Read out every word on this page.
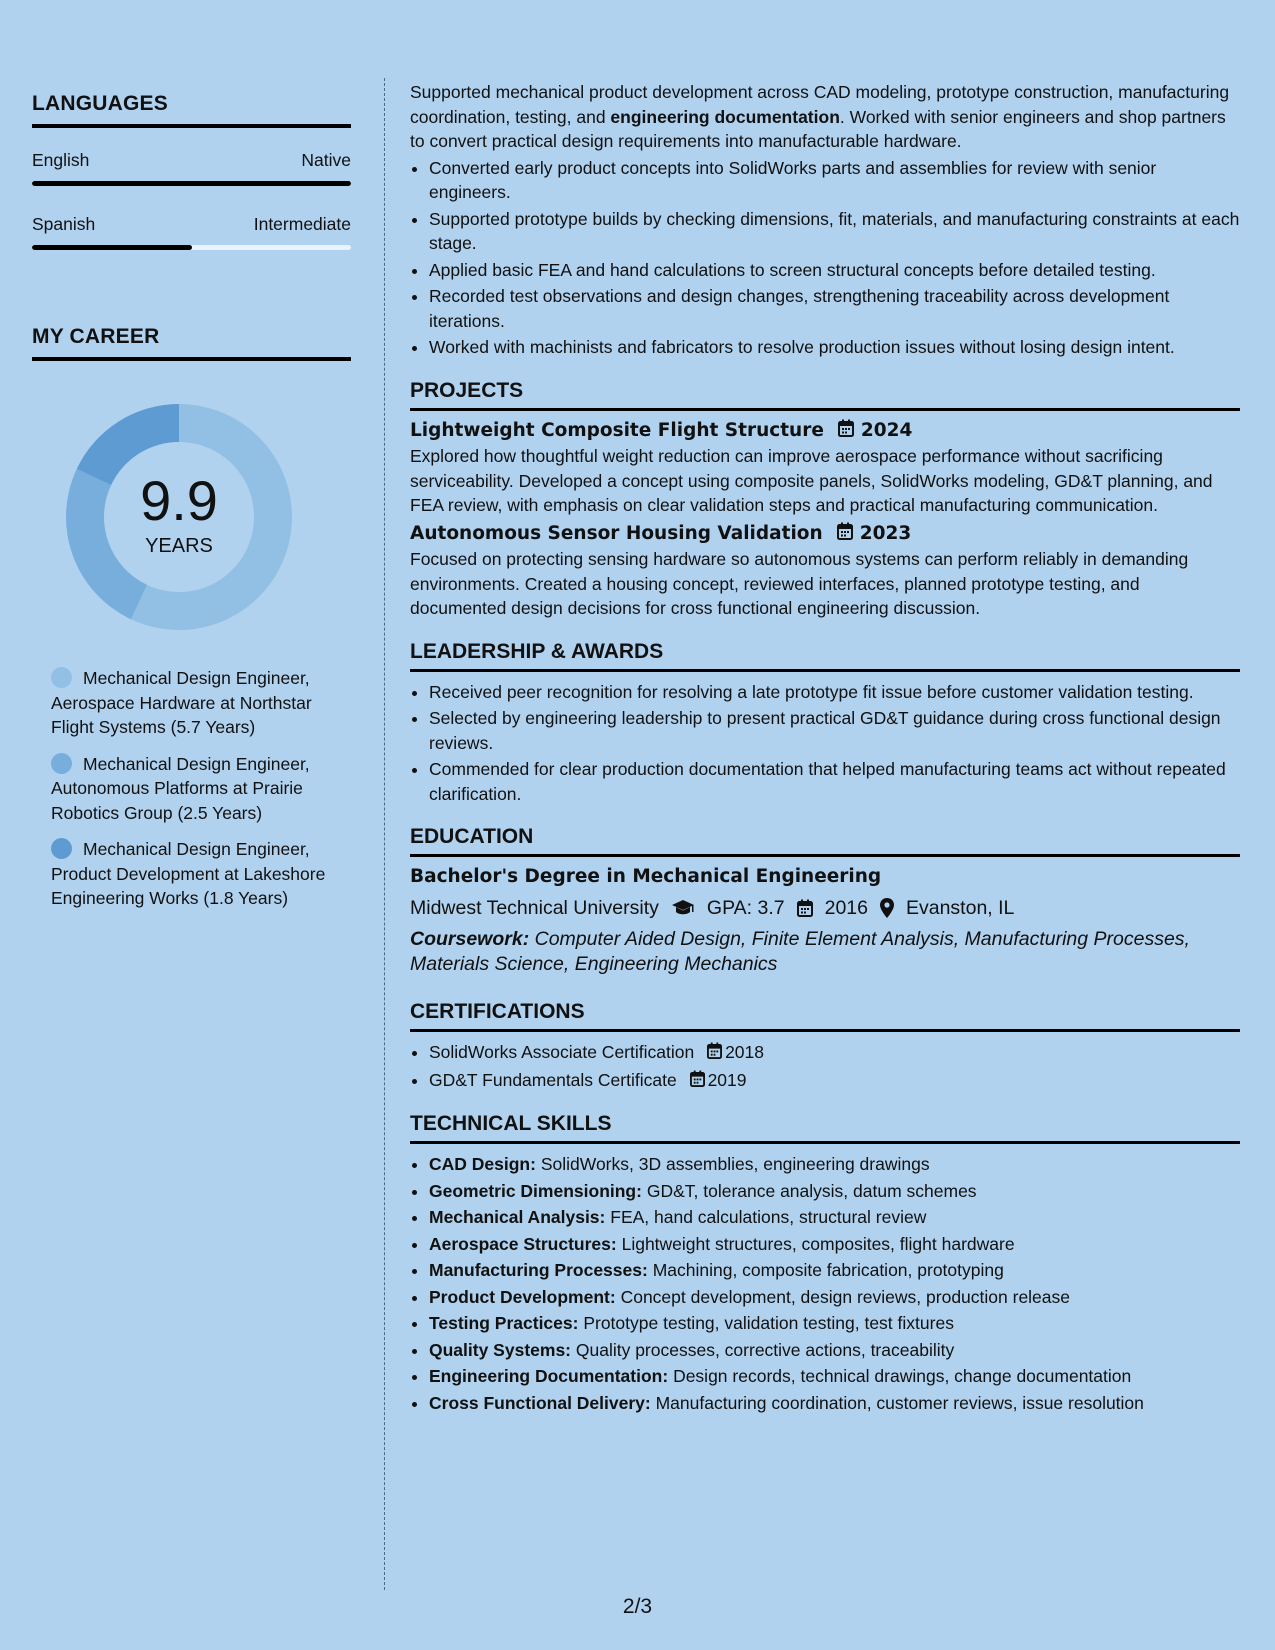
LANGUAGES
English	Native
Spanish	Intermediate
MY CAREER
9.9
YEARS
Mechanical Design Engineer, Aerospace Hardware at Northstar Flight Systems (5.7 Years)
Mechanical Design Engineer, Autonomous Platforms at Prairie Robotics Group (2.5 Years)
Mechanical Design Engineer, Product Development at Lakeshore Engineering Works (1.8 Years)

Supported mechanical product development across CAD modeling, prototype construction, manufacturing coordination, testing, and engineering documentation. Worked with senior engineers and shop partners to convert practical design requirements into manufacturable hardware.

• Converted early product concepts into SolidWorks parts and assemblies for review with senior engineers.
• Supported prototype builds by checking dimensions, fit, materials, and manufacturing constraints at each stage.
• Applied basic FEA and hand calculations to screen structural concepts before detailed testing.
• Recorded test observations and design changes, strengthening traceability across development iterations.
• Worked with machinists and fabricators to resolve production issues without losing design intent.
PROJECTS
Lightweight Composite Flight Structure 2024

Explored how thoughtful weight reduction can improve aerospace performance without sacrificing serviceability. Developed a concept using composite panels, SolidWorks modeling, GD&T planning, and FEA review, with emphasis on clear validation steps and practical manufacturing communication.

Autonomous Sensor Housing Validation 2023

Focused on protecting sensing hardware so autonomous systems can perform reliably in demanding environments. Created a housing concept, reviewed interfaces, planned prototype testing, and documented design decisions for cross functional engineering discussion.

LEADERSHIP & AWARDS
• Received peer recognition for resolving a late prototype fit issue before customer validation testing.
• Selected by engineering leadership to present practical GD&T guidance during cross functional design reviews.
• Commended for clear production documentation that helped manufacturing teams act without repeated clarification.
EDUCATION
Bachelor's Degree in Mechanical Engineering
Midwest Technical University GPA: 3.7 2016 Evanston, IL
Coursework: Computer Aided Design, Finite Element Analysis, Manufacturing Processes, Materials Science, Engineering Mechanics
CERTIFICATIONS
• SolidWorks Associate Certification 2018
• GD&T Fundamentals Certificate 2019
TECHNICAL SKILLS
• CAD Design: SolidWorks, 3D assemblies, engineering drawings
• Geometric Dimensioning: GD&T, tolerance analysis, datum schemes
• Mechanical Analysis: FEA, hand calculations, structural review
• Aerospace Structures: Lightweight structures, composites, flight hardware
• Manufacturing Processes: Machining, composite fabrication, prototyping
• Product Development: Concept development, design reviews, production release
• Testing Practices: Prototype testing, validation testing, test fixtures
• Quality Systems: Quality processes, corrective actions, traceability
• Engineering Documentation: Design records, technical drawings, change documentation
• Cross Functional Delivery: Manufacturing coordination, customer reviews, issue resolution
2/3
